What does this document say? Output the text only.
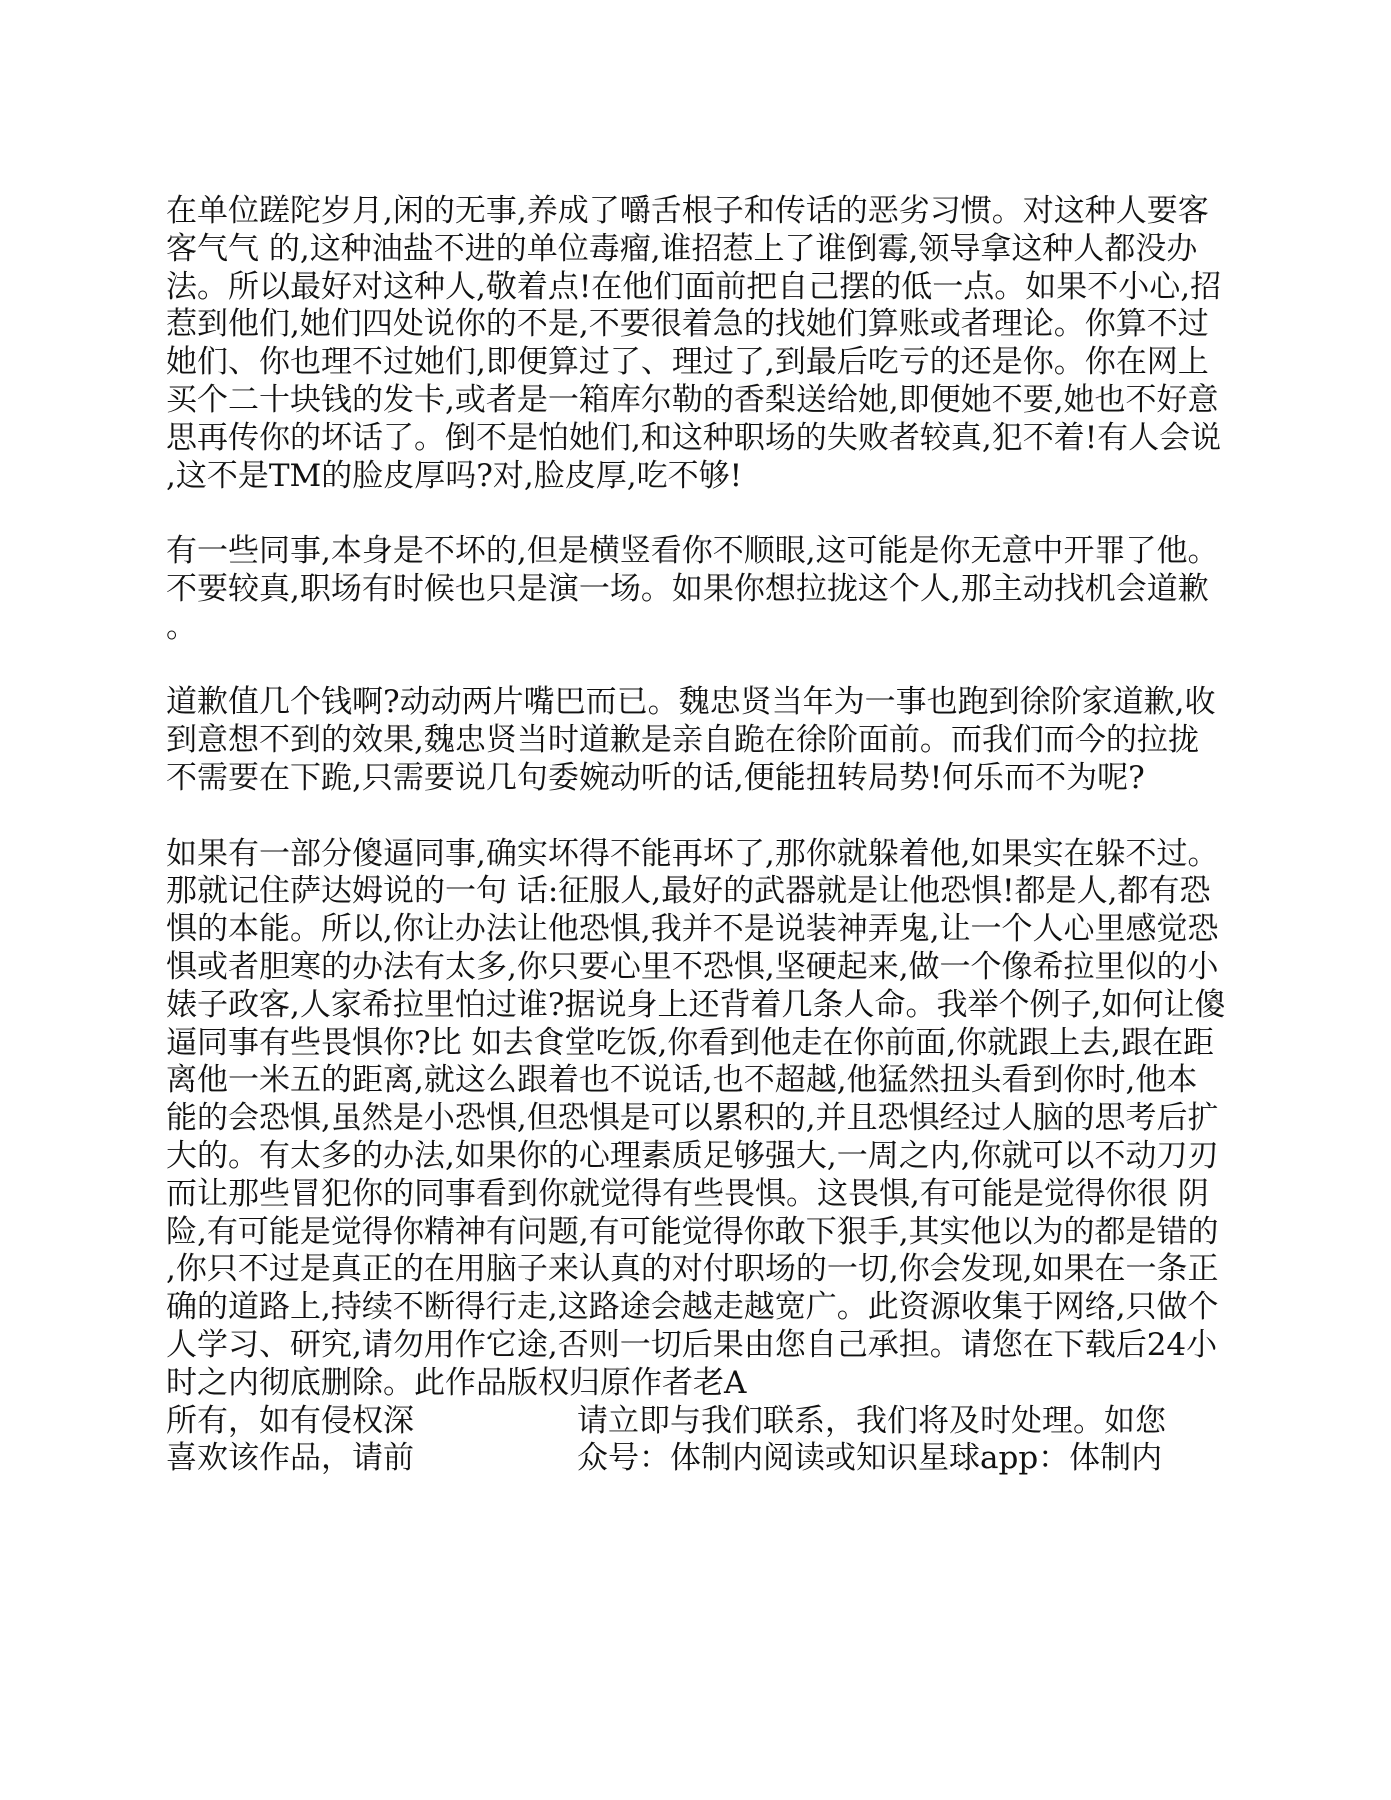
在单位蹉陀岁月,闲的无事,养成了嚼舌根子和传话的恶劣习惯。对这种人要客客气气 的,这种油盐不进的单位毒瘤,谁招惹上了谁倒霉,领导拿这种人都没办法。所以最好对这种人,敬着点!在他们面前把自己摆的低一点。如果不小心,招惹到他们,她们四处说你的不是,不要很着急的找她们算账或者理论。你算不过她们、你也理不过她们,即便算过了、理过了,到最后吃亏的还是你。你在网上买个二十块钱的发卡,或者是一箱库尔勒的香梨送给她,即便她不要,她也不好意思再传你的坏话了。倒不是怕她们,和这种职场的失败者较真,犯不着!有人会说,这不是TM的脸皮厚吗?对,脸皮厚,吃不够!

有一些同事,本身是不坏的,但是横竖看你不顺眼,这可能是你无意中开罪了他。不要较真,职场有时候也只是演一场。如果你想拉拢这个人,那主动找机会道歉。

道歉值几个钱啊?动动两片嘴巴而已。魏忠贤当年为一事也跑到徐阶家道歉,收到意想不到的效果,魏忠贤当时道歉是亲自跪在徐阶面前。而我们而今的拉拢不需要在下跪,只需要说几句委婉动听的话,便能扭转局势!何乐而不为呢?

如果有一部分傻逼同事,确实坏得不能再坏了,那你就躲着他,如果实在躲不过。那就记住萨达姆说的一句 话:征服人,最好的武器就是让他恐惧!都是人,都有恐惧的本能。所以,你让办法让他恐惧,我并不是说装神弄鬼,让一个人心里感觉恐惧或者胆寒的办法有太多,你只要心里不恐惧,坚硬起来,做一个像希拉里似的小婊子政客,人家希拉里怕过谁?据说身上还背着几条人命。我举个例子,如何让傻逼同事有些畏惧你?比 如去食堂吃饭,你看到他走在你前面,你就跟上去,跟在距离他一米五的距离,就这么跟着也不说话,也不超越,他猛然扭头看到你时,他本能的会恐惧,虽然是小恐惧,但恐惧是可以累积的,并且恐惧经过人脑的思考后扩大的。有太多的办法,如果你的心理素质足够强大,一周之内,你就可以不动刀刃而让那些冒犯你的同事看到你就觉得有些畏惧。这畏惧,有可能是觉得你很 阴险,有可能是觉得你精神有问题,有可能觉得你敢下狠手,其实他以为的都是错的,你只不过是真正的在用脑子来认真的对付职场的一切,你会发现,如果在一条正确的道路上,持续不断得行走,这路途会越走越宽广。此资源收集于网络,只做个人学习、研究,请勿用作它途,否则一切后果由您自己承担。请您在下载后24小时之内彻底删除。此作品版权归原作者老A
所有，如有侵权深	请立即与我们联系，我们将及时处理。如您
喜欢该作品，请前	众号：体制内阅读或知识星球app：体制内
